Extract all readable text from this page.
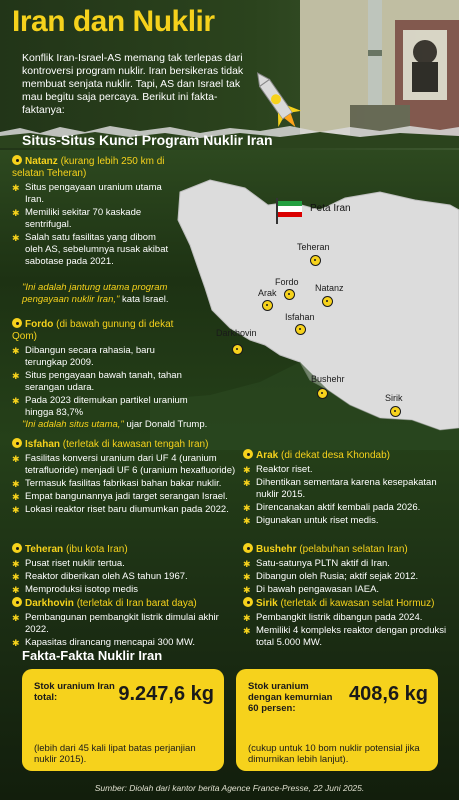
Iran dan Nuklir
Konflik Iran-Israel-AS memang tak terlepas dari kontroversi program nuklir. Iran bersikeras tidak membuat senjata nuklir. Tapi, AS dan Israel tak mau begitu saja percaya. Berikut ini fakta-faktanya:
Situs-Situs Kunci Program Nuklir Iran
Peta Iran
Teheran
Fordo
Arak	Natanz
Isfahan
Darkhovin
Bushehr
Sirik
Natanz (kurang lebih 250 km di selatan Teheran)
✱ Situs pengayaan uranium utama Iran.
✱ Memiliki sekitar 70 kaskade sentrifugal.
✱ Salah satu fasilitas yang dibom oleh AS, sebelumnya rusak akibat sabotase pada 2021.
"Ini adalah jantung utama program pengayaan nuklir Iran," kata Israel.
Fordo (di bawah gunung di dekat Qom)
✱ Dibangun secara rahasia, baru terungkap 2009.
✱ Situs pengayaan bawah tanah, tahan serangan udara.
✱ Pada 2023 ditemukan partikel uranium hingga 83,7%
"Ini adalah situs utama," ujar Donald Trump.
Isfahan (terletak di kawasan tengah Iran)
✱ Fasilitas konversi uranium dari UF 4 (uranium tetrafluoride) menjadi UF 6 (uranium hexafluoride)
✱ Termasuk fasilitas fabrikasi bahan bakar nuklir.
✱ Empat bangunannya jadi target serangan Israel.
✱ Lokasi reaktor riset baru diumumkan pada 2022.
Arak (di dekat desa Khondab)
✱ Reaktor riset.
✱ Dihentikan sementara karena kesepakatan nuklir 2015.
✱ Direncanakan aktif kembali pada 2026.
✱ Digunakan untuk riset medis.
Teheran (ibu kota Iran)
✱ Pusat riset nuklir tertua.
✱ Reaktor diberikan oleh AS tahun 1967.
✱ Memproduksi isotop medis
Bushehr (pelabuhan selatan Iran)
✱ Satu-satunya PLTN aktif di Iran.
✱ Dibangun oleh Rusia; aktif sejak 2012.
✱ Di bawah pengawasan IAEA.
Darkhovin (terletak di Iran barat daya)
✱ Pembangunan pembangkit listrik dimulai akhir 2022.
✱ Kapasitas dirancang mencapai 300 MW.
Sirik (terletak di kawasan selat Hormuz)
✱ Pembangkit listrik dibangun pada 2024.
✱ Memiliki 4 kompleks reaktor dengan produksi total 5.000 MW.
Fakta-Fakta Nuklir Iran
Stok uranium Iran total:	9.247,6 kg
(lebih dari 45 kali lipat batas perjanjian nuklir 2015).
Stok uranium dengan kemurnian 60 persen:
408,6 kg
(cukup untuk 10 bom nuklir potensial jika dimurnikan lebih lanjut).
Sumber: Diolah dari kantor berita Agence France-Presse, 22 Juni 2025.
